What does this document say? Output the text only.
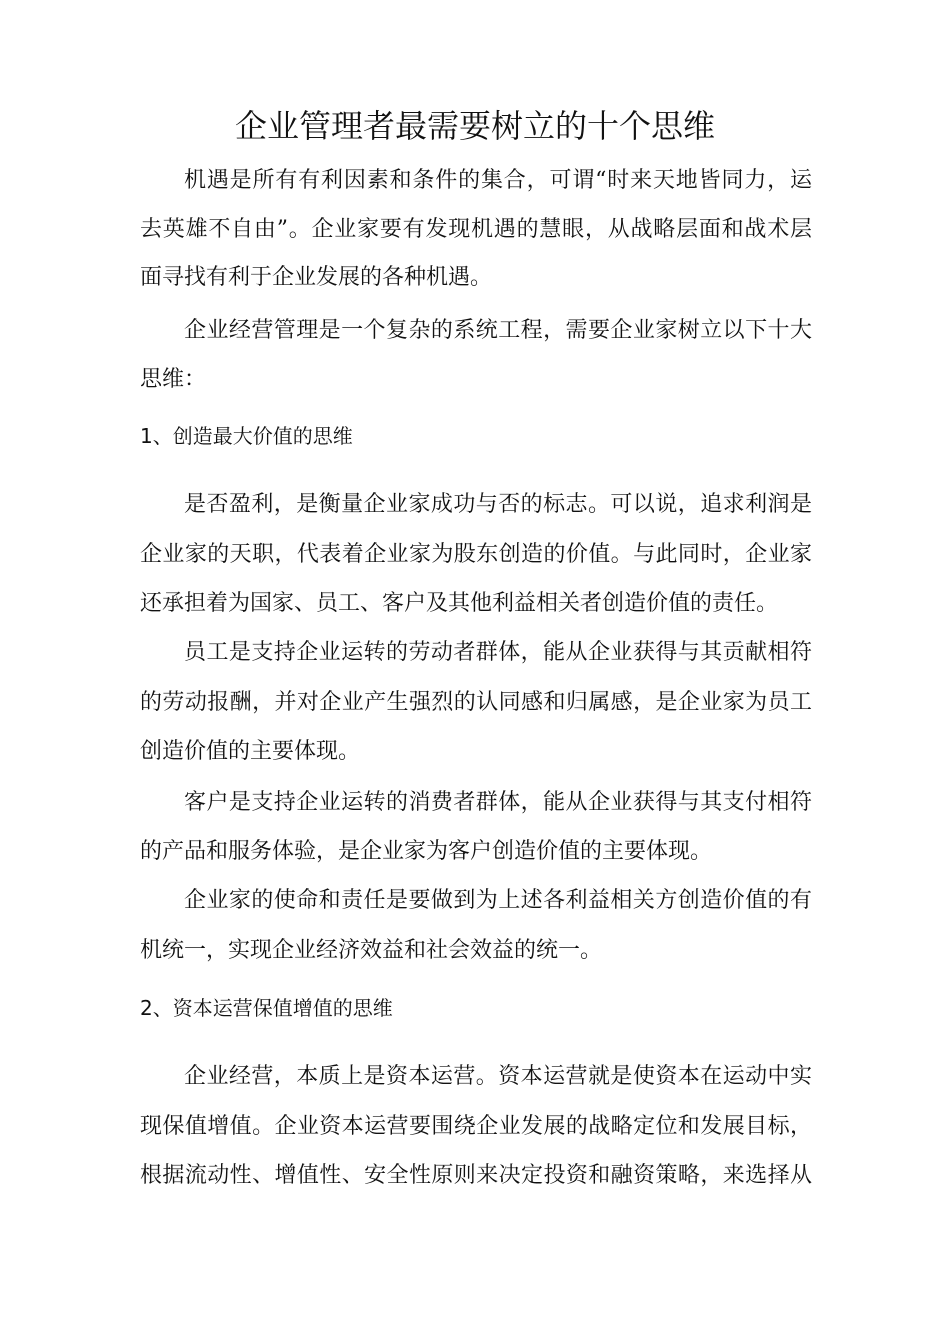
企业管理者最需要树立的十个思维
机遇是所有有利因素和条件的集合，可谓“时来天地皆同力，运
去英雄不自由”。企业家要有发现机遇的慧眼，从战略层面和战术层
面寻找有利于企业发展的各种机遇。
企业经营管理是一个复杂的系统工程，需要企业家树立以下十大
思维：
1、创造最大价值的思维
是否盈利，是衡量企业家成功与否的标志。可以说，追求利润是
企业家的天职，代表着企业家为股东创造的价值。与此同时，企业家
还承担着为国家、员工、客户及其他利益相关者创造价值的责任。
员工是支持企业运转的劳动者群体，能从企业获得与其贡献相符
的劳动报酬，并对企业产生强烈的认同感和归属感，是企业家为员工
创造价值的主要体现。
客户是支持企业运转的消费者群体，能从企业获得与其支付相符
的产品和服务体验，是企业家为客户创造价值的主要体现。
企业家的使命和责任是要做到为上述各利益相关方创造价值的有
机统一，实现企业经济效益和社会效益的统一。
2、资本运营保值增值的思维
企业经营，本质上是资本运营。资本运营就是使资本在运动中实
现保值增值。企业资本运营要围绕企业发展的战略定位和发展目标，
根据流动性、增值性、安全性原则来决定投资和融资策略，来选择从
